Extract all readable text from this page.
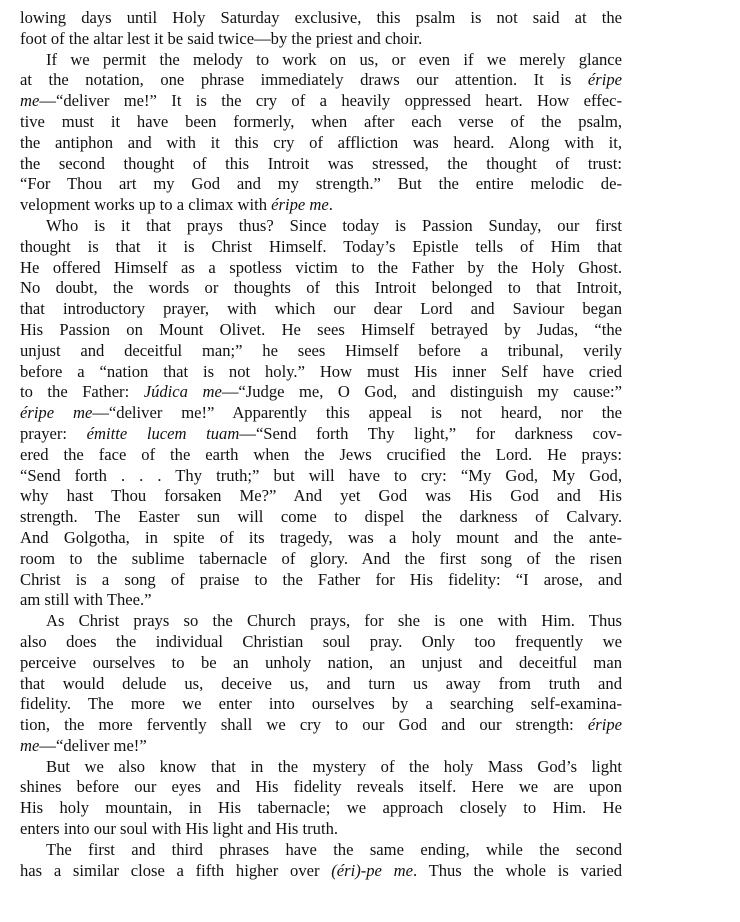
lowing days until Holy Saturday exclusive, this psalm is not said at the
foot of the altar lest it be said twice—by the priest and choir.
If we permit the melody to work on us, or even if we merely glance
at the notation, one phrase immediately draws our attention. It is éripe
me—“deliver me!” It is the cry of a heavily oppressed heart. How effec-
tive must it have been formerly, when after each verse of the psalm,
the antiphon and with it this cry of affliction was heard. Along with it,
the second thought of this Introit was stressed, the thought of trust:
“For Thou art my God and my strength.” But the entire melodic de-
velopment works up to a climax with éripe me.
Who is it that prays thus? Since today is Passion Sunday, our first
thought is that it is Christ Himself. Today’s Epistle tells of Him that
He offered Himself as a spotless victim to the Father by the Holy Ghost.
No doubt, the words or thoughts of this Introit belonged to that Introit,
that introductory prayer, with which our dear Lord and Saviour began
His Passion on Mount Olivet. He sees Himself betrayed by Judas, “the
unjust and deceitful man;” he sees Himself before a tribunal, verily
before a “nation that is not holy.” How must His inner Self have cried
to the Father: Júdica me—“Judge me, O God, and distinguish my cause:”
éripe me—“deliver me!” Apparently this appeal is not heard, nor the
prayer: émitte lucem tuam—“Send forth Thy light,” for darkness cov-
ered the face of the earth when the Jews crucified the Lord. He prays:
“Send forth . . . Thy truth;” but will have to cry: “My God, My God,
why hast Thou forsaken Me?” And yet God was His God and His
strength. The Easter sun will come to dispel the darkness of Calvary.
And Golgotha, in spite of its tragedy, was a holy mount and the ante-
room to the sublime tabernacle of glory. And the first song of the risen
Christ is a song of praise to the Father for His fidelity: “I arose, and
am still with Thee.”
As Christ prays so the Church prays, for she is one with Him. Thus
also does the individual Christian soul pray. Only too frequently we
perceive ourselves to be an unholy nation, an unjust and deceitful man
that would delude us, deceive us, and turn us away from truth and
fidelity. The more we enter into ourselves by a searching self-examina-
tion, the more fervently shall we cry to our God and our strength: éripe
me—“deliver me!”
But we also know that in the mystery of the holy Mass God’s light
shines before our eyes and His fidelity reveals itself. Here we are upon
His holy mountain, in His tabernacle; we approach closely to Him. He
enters into our soul with His light and His truth.
The first and third phrases have the same ending, while the second
has a similar close a fifth higher over (éri)-pe me. Thus the whole is varied
